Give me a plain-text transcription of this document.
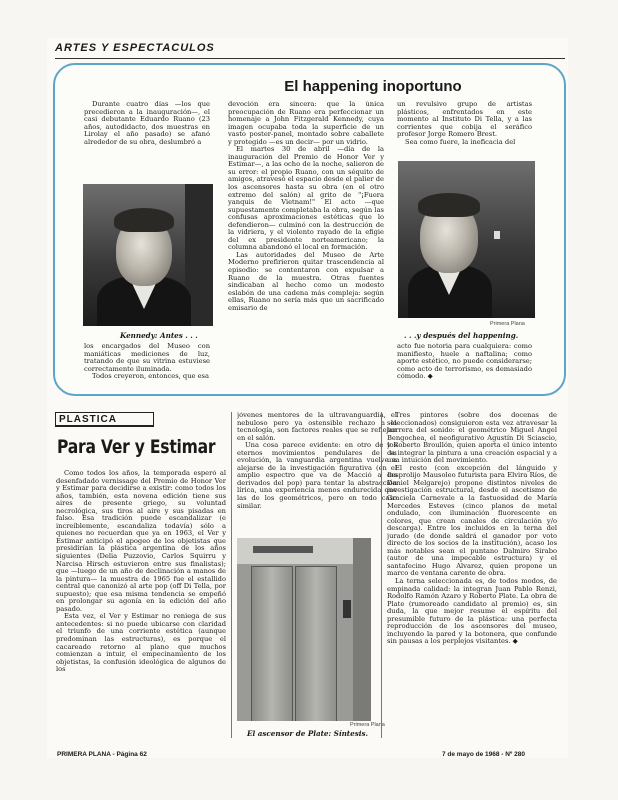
ARTES Y ESPECTACULOS
El happening inoportuno

Durante cuatro días —los que precedieron a la inauguración—, el casi debutante Eduardo Ruano (23 años, autodidacto, dos muestras en Lirolay el año pasado) se afanó alrededor de su obra, deslumbró a

Kennedy: Antes . . .

los encargados del Museo con maniáticas mediciones de luz, tratando de que su vitrina estuviese correctamente iluminada.

Todos creyeron, entonces, que esa

devoción era sincera: que la única preocupación de Ruano era perfeccionar un homenaje a John Fitzgerald Kennedy, cuya imagen ocupaba toda la superficie de un vasto poster-panel, montado sobre caballete y protegido —es un decir— por un vidrio.

El martes 30 de abril —día de la inauguración del Premio de Honor Ver y Estimar—, a las ocho de la noche, salieron de su error: el propio Ruano, con un séquito de amigos, atravesó el espacio desde el palier de los ascensores hasta su obra (en el otro extremo del salón) al grito de "¡Fuera yanquis de Vietnam!" El acto —que supuestamente completaba la obra, según las confusas aproximaciones estéticas que lo defendieron— culminó con la destrucción de la vidriera, y el violento rayado de la efigie del ex presidente norteamericano; la columna abandonó el local en formación.

Las autoridades del Museo de Arte Moderno prefirieron quitar trascendencia al episodio: se contentaron con expulsar a Ruano de la muestra. Otras fuentes sindicaban al hecho como un modesto eslabón de una cadena más compleja: según ellas, Ruano no sería más que un sacrificado emisario de

un revulsivo grupo de artistas plásticos, enfrentados en este momento al Instituto Di Tella, y a las corrientes que cobija el seráfico profesor Jorge Romero Brest.

Sea como fuere, la ineficacia del

Primera Plana
. . .y después del happening.

acto fue notoria para cualquiera: como manifiesto, huele a naftalina; como aporte estético, no puede considerarse; como acto de terrorismo, es demasiado cómodo. ◆

PLASTICA
Para Ver y Estimar

Como todos los años, la temporada esperó al desenfadado vernissage del Premio de Honor Ver y Estimar para decidirse a existir: como todos los años, también, esta novena edición tiene sus aires de presente griego, su voluntad necrológica, sus tiros al aire y sus pisadas en falso. Esa tradición puede escandalizar (e increíblemente, escandaliza todavía) sólo a quienes no recuerdan que ya en 1963, el Ver y Estimar anticipó el apogeo de los objetistas que presidirían la plástica argentina de los años siguientes (Delia Puzzovio, Carlos Squirru y Narcisa Hirsch estuvieron entre sus finalistas); que —luego de un año de declinación a manos de la pintura— la muestra de 1965 fue el estallido central que canonizó al arte pop (off Di Tella, por supuesto); que esa misma tendencia se empeñó en prolongar su agonía en la edición del año pasado.

Esta vez, el Ver y Estimar no reniega de sus antecedentes: si no puede ubicarse con claridad el triunfo de una corriente estética (aunque predominan las estructuras), es porque el cacareado retorno al plano que muchos comienzan a intuir, el empecinamiento de los objetistas, la confusión ideológica de algunos de los

jóvenes mentores de la ultravanguardia, el nebuloso pero ya ostensible rechazo a la tecnología, son factores reales que se reflejan en el salón.

Una cosa parece evidente: en otro de los eternos movimientos pendulares de su evolución, la vanguardia argentina vuelve a alejarse de la investigación figurativa (en el amplio espectro que va de Macció a los derivados del pop) para tentar la abstracción lírica, una experiencia menos endurecida que las de los geométricos, pero en todo caso similar.

Primera Plana
El ascensor de Plate: Síntesis.

Tres pintores (sobre dos docenas de seleccionados) consiguieron esta vez atravesar la barrera del sonido: el geométrico Miguel Angel Bengochea, el neofigurativo Agustín Di Sciascio, y Roberto Broullón, quien aporta el único intento de integrar la pintura a una creación espacial y a una intuición del movimiento.

El resto (con excepción del lánguido y desprolijo Mausoleo futurista para Elvira Ríos, de Daniel Melgarejo) propone distintos niveles de investigación estructural, desde el ascetismo de Graciela Carnevale a la fastuosidad de María Mercedes Esteves (cinco planos de metal ondulado, con iluminación fluorescente en colores, que crean canales de circulación y/o descarga). Entre los incluidos en la terna del jurado (de donde saldrá el ganador por voto directo de los socios de la institución), acaso los más notables sean el puntano Dalmiro Sirabo (autor de una impecable estructura) y el santafecino Hugo Alvarez, quien propone un marco de ventana carente de obra.

La terna seleccionada es, de todos modos, de empinada calidad: la integran Juan Pablo Renzi, Rodolfo Ramón Azaro y Roberto Plate. La obra de Plate (rumoreado candidato al premio) es, sin duda, la que mejor resume el espíritu del presumible futuro de la plástica: una perfecta reproducción de los ascensores del museo, incluyendo la pared y la botonera, que confunde sin pausas a los perplejos visitantes. ◆

PRIMERA PLANA - Página 62	7 de mayo de 1968 - Nº 280
